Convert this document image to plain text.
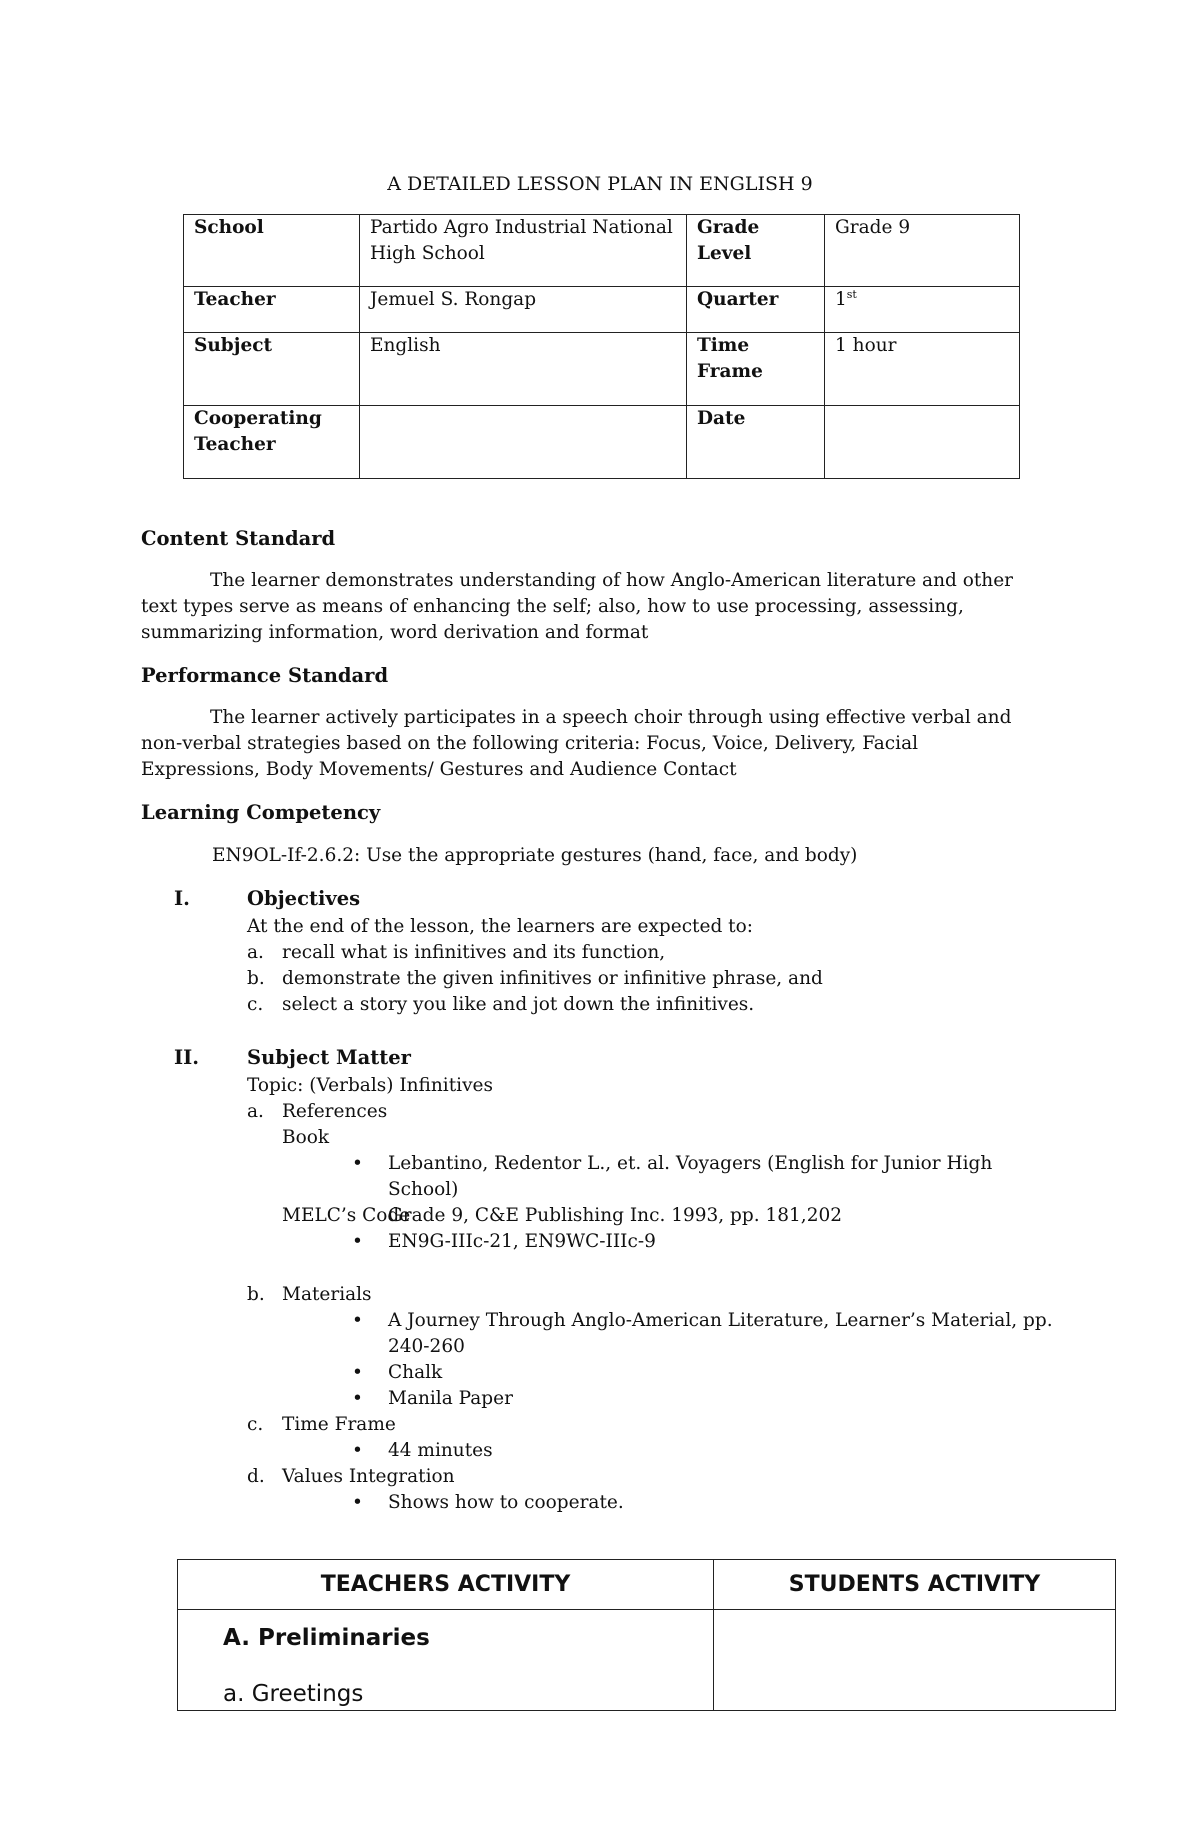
A DETAILED LESSON PLAN IN ENGLISH 9
School	Partido Agro Industrial National High School	Grade Level	Grade 9
Teacher	Jemuel S. Rongap	Quarter	1st
Subject	English	Time Frame	1 hour
Cooperating Teacher		Date	
Content Standard
The learner demonstrates understanding of how Anglo-American literature and other text types serve as means of enhancing the self; also, how to use processing, assessing, summarizing information, word derivation and format
Performance Standard
The learner actively participates in a speech choir through using effective verbal and non-verbal strategies based on the following criteria: Focus, Voice, Delivery, Facial Expressions, Body Movements/ Gestures and Audience Contact
Learning Competency
EN9OL-If-2.6.2: Use the appropriate gestures (hand, face, and body)
I.	Objectives
At the end of the lesson, the learners are expected to:
a. recall what is infinitives and its function,
b. demonstrate the given infinitives or infinitive phrase, and
c. select a story you like and jot down the infinitives.
II. Subject Matter
Topic: (Verbals) Infinitives
a. References
Book
• Lebantino, Redentor L., et. al. Voyagers (English for Junior High School)
Grade 9, C&E Publishing Inc. 1993, pp. 181,202
MELC’s Code
• EN9G-IIIc-21, EN9WC-IIIc-9
b. Materials
• A Journey Through Anglo-American Literature, Learner’s Material, pp. 240-260
• Chalk
• Manila Paper
c. Time Frame
• 44 minutes
d. Values Integration
• Shows how to cooperate.
TEACHERS ACTIVITY	STUDENTS ACTIVITY

A. Preliminaries
a. Greetings	
